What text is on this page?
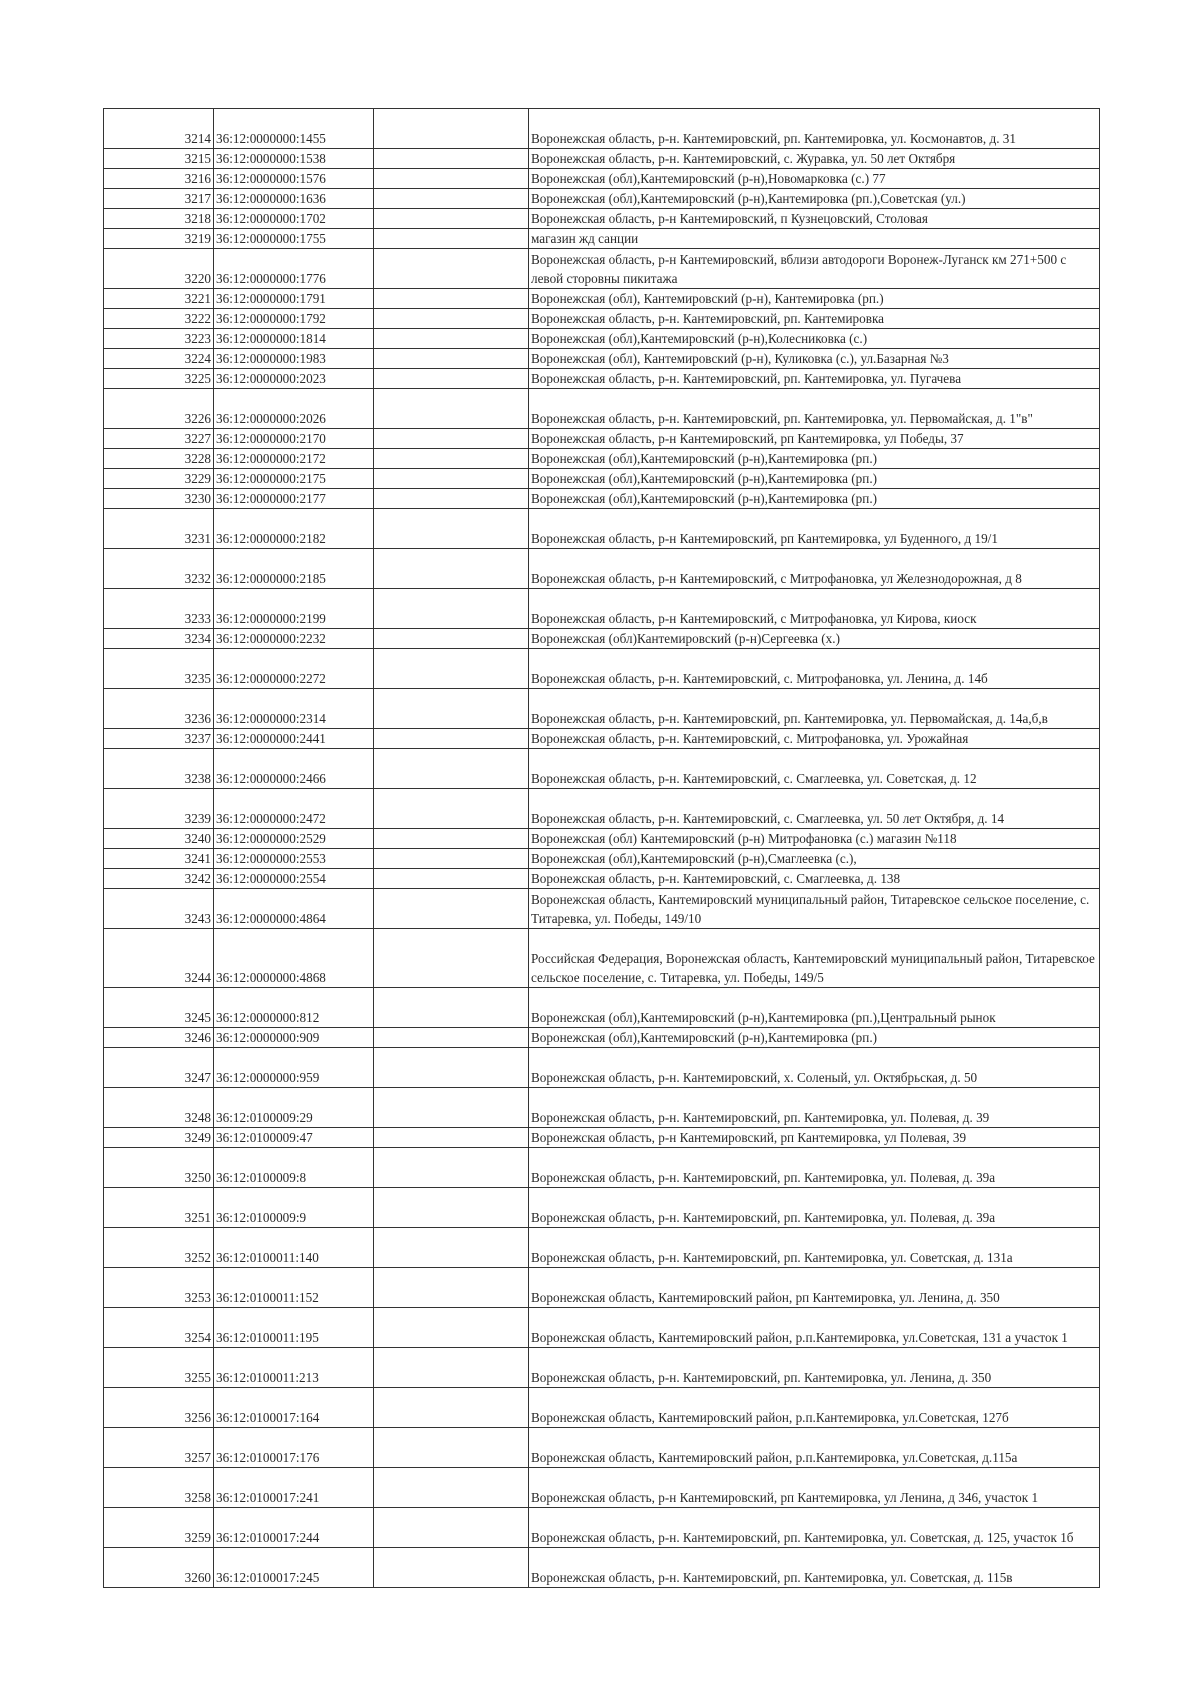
3214	36:12:0000000:1455		Воронежская область, р-н. Кантемировский, рп. Кантемировка, ул. Космонавтов, д. 31
3215	36:12:0000000:1538		Воронежская область, р-н. Кантемировский, с. Журавка, ул. 50 лет Октября
3216	36:12:0000000:1576		Воронежская (обл),Кантемировский (р-н),Новомарковка (с.) 77
3217	36:12:0000000:1636		Воронежская (обл),Кантемировский (р-н),Кантемировка (рп.),Советская (ул.)
3218	36:12:0000000:1702		Воронежская область, р-н Кантемировский, п Кузнецовский, Столовая
3219	36:12:0000000:1755		магазин жд санции
3220	36:12:0000000:1776		Воронежская область, р-н Кантемировский, вблизи автодороги Воронеж-Луганск км 271+500 с левой сторовны пикитажа
3221	36:12:0000000:1791		Воронежская (обл), Кантемировский (р-н), Кантемировка (рп.)
3222	36:12:0000000:1792		Воронежская область, р-н. Кантемировский, рп. Кантемировка
3223	36:12:0000000:1814		Воронежская (обл),Кантемировский (р-н),Колесниковка (с.)
3224	36:12:0000000:1983		Воронежская (обл), Кантемировский (р-н), Куликовка (с.), ул.Базарная №3
3225	36:12:0000000:2023		Воронежская область, р-н. Кантемировский, рп. Кантемировка, ул. Пугачева
3226	36:12:0000000:2026		Воронежская область, р-н. Кантемировский, рп. Кантемировка, ул. Первомайская, д. 1"в"
3227	36:12:0000000:2170		Воронежская область, р-н Кантемировский, рп Кантемировка, ул Победы, 37
3228	36:12:0000000:2172		Воронежская (обл),Кантемировский (р-н),Кантемировка (рп.)
3229	36:12:0000000:2175		Воронежская (обл),Кантемировский (р-н),Кантемировка (рп.)
3230	36:12:0000000:2177		Воронежская (обл),Кантемировский (р-н),Кантемировка (рп.)
3231	36:12:0000000:2182		Воронежская область, р-н Кантемировский, рп Кантемировка, ул Буденного, д 19/1
3232	36:12:0000000:2185		Воронежская область, р-н Кантемировский, с Митрофановка, ул Железнодорожная, д 8
3233	36:12:0000000:2199		Воронежская область, р-н Кантемировский, с Митрофановка, ул Кирова, киоск
3234	36:12:0000000:2232		Воронежская (обл)Кантемировский (р-н)Сергеевка (х.)
3235	36:12:0000000:2272		Воронежская область, р-н. Кантемировский, с. Митрофановка, ул. Ленина, д. 14б
3236	36:12:0000000:2314		Воронежская область, р-н. Кантемировский, рп. Кантемировка, ул. Первомайская, д. 14а,б,в
3237	36:12:0000000:2441		Воронежская область, р-н. Кантемировский, с. Митрофановка, ул. Урожайная
3238	36:12:0000000:2466		Воронежская область, р-н. Кантемировский, с. Смаглеевка, ул. Советская, д. 12
3239	36:12:0000000:2472		Воронежская область, р-н. Кантемировский, с. Смаглеевка, ул. 50 лет Октября, д. 14
3240	36:12:0000000:2529		Воронежская (обл) Кантемировский (р-н) Митрофановка (с.) магазин №118
3241	36:12:0000000:2553		Воронежская (обл),Кантемировский (р-н),Смаглеевка (с.),
3242	36:12:0000000:2554		Воронежская область, р-н. Кантемировский, с. Смаглеевка, д. 138
3243	36:12:0000000:4864		Воронежская область, Кантемировский муниципальный район, Титаревское сельское поселение, с. Титаревка, ул. Победы, 149/10
3244	36:12:0000000:4868		Российская Федерация, Воронежская область, Кантемировский муниципальный район, Титаревское сельское поселение, с. Титаревка, ул. Победы, 149/5
3245	36:12:0000000:812		Воронежская (обл),Кантемировский (р-н),Кантемировка (рп.),Центральный рынок
3246	36:12:0000000:909		Воронежская (обл),Кантемировский (р-н),Кантемировка (рп.)
3247	36:12:0000000:959		Воронежская область, р-н. Кантемировский, х. Соленый, ул. Октябрьская, д. 50
3248	36:12:0100009:29		Воронежская область, р-н. Кантемировский, рп. Кантемировка, ул. Полевая, д. 39
3249	36:12:0100009:47		Воронежская область, р-н Кантемировский, рп Кантемировка, ул Полевая, 39
3250	36:12:0100009:8		Воронежская область, р-н. Кантемировский, рп. Кантемировка, ул. Полевая, д. 39а
3251	36:12:0100009:9		Воронежская область, р-н. Кантемировский, рп. Кантемировка, ул. Полевая, д. 39а
3252	36:12:0100011:140		Воронежская область, р-н. Кантемировский, рп. Кантемировка, ул. Советская, д. 131а
3253	36:12:0100011:152		Воронежская область, Кантемировский район, рп Кантемировка, ул. Ленина, д. 350
3254	36:12:0100011:195		Воронежская область, Кантемировский район, р.п.Кантемировка, ул.Советская, 131 а участок 1
3255	36:12:0100011:213		Воронежская область, р-н. Кантемировский, рп. Кантемировка, ул. Ленина, д. 350
3256	36:12:0100017:164		Воронежская область, Кантемировский район, р.п.Кантемировка, ул.Советская, 127б
3257	36:12:0100017:176		Воронежская область, Кантемировский район, р.п.Кантемировка, ул.Советская, д.115а
3258	36:12:0100017:241		Воронежская область, р-н Кантемировский, рп Кантемировка, ул Ленина, д 346, участок 1
3259	36:12:0100017:244		Воронежская область, р-н. Кантемировский, рп. Кантемировка, ул. Советская, д. 125, участок 1б
3260	36:12:0100017:245		Воронежская область, р-н. Кантемировский, рп. Кантемировка, ул. Советская, д. 115в
